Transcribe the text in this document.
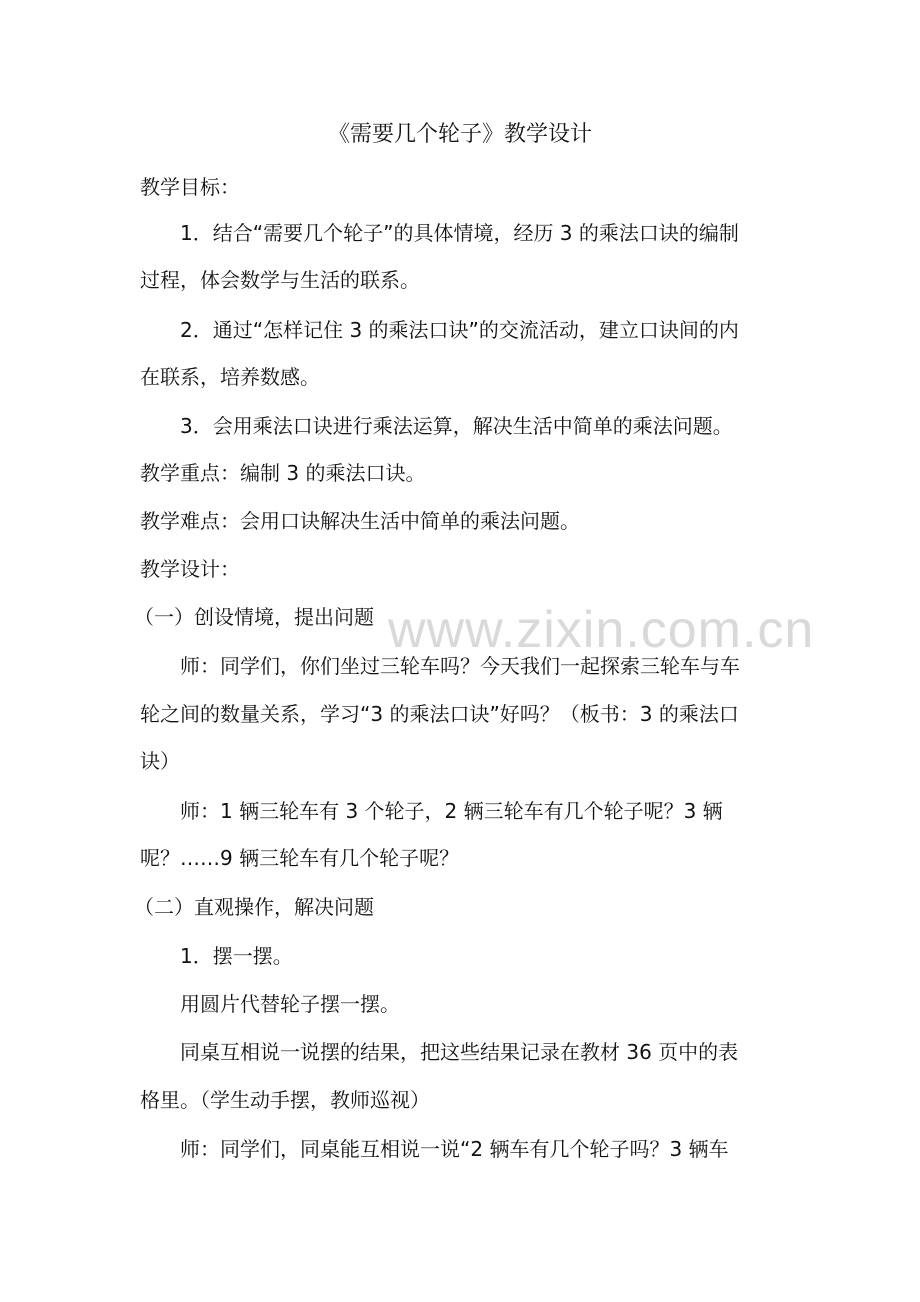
www.zixin.com.cn
《需要几个轮子》教学设计
教学目标：
1．结合“需要几个轮子”的具体情境，经历 3 的乘法口诀的编制
过程，体会数学与生活的联系。
2．通过“怎样记住 3 的乘法口诀”的交流活动，建立口诀间的内
在联系，培养数感。
3．会用乘法口诀进行乘法运算，解决生活中简单的乘法问题。
教学重点：编制 3 的乘法口诀。
教学难点：会用口诀解决生活中简单的乘法问题。
教学设计：
（一）创设情境，提出问题
师：同学们，你们坐过三轮车吗？今天我们一起探索三轮车与车
轮之间的数量关系，学习“3 的乘法口诀”好吗？（板书：3 的乘法口
诀）
师：1 辆三轮车有 3 个轮子，2 辆三轮车有几个轮子呢？3 辆
呢？……9 辆三轮车有几个轮子呢？
（二）直观操作，解决问题
1．摆一摆。
用圆片代替轮子摆一摆。
同桌互相说一说摆的结果，把这些结果记录在教材 36 页中的表
格里。（学生动手摆，教师巡视）
师：同学们，同桌能互相说一说“2 辆车有几个轮子吗？3 辆车
